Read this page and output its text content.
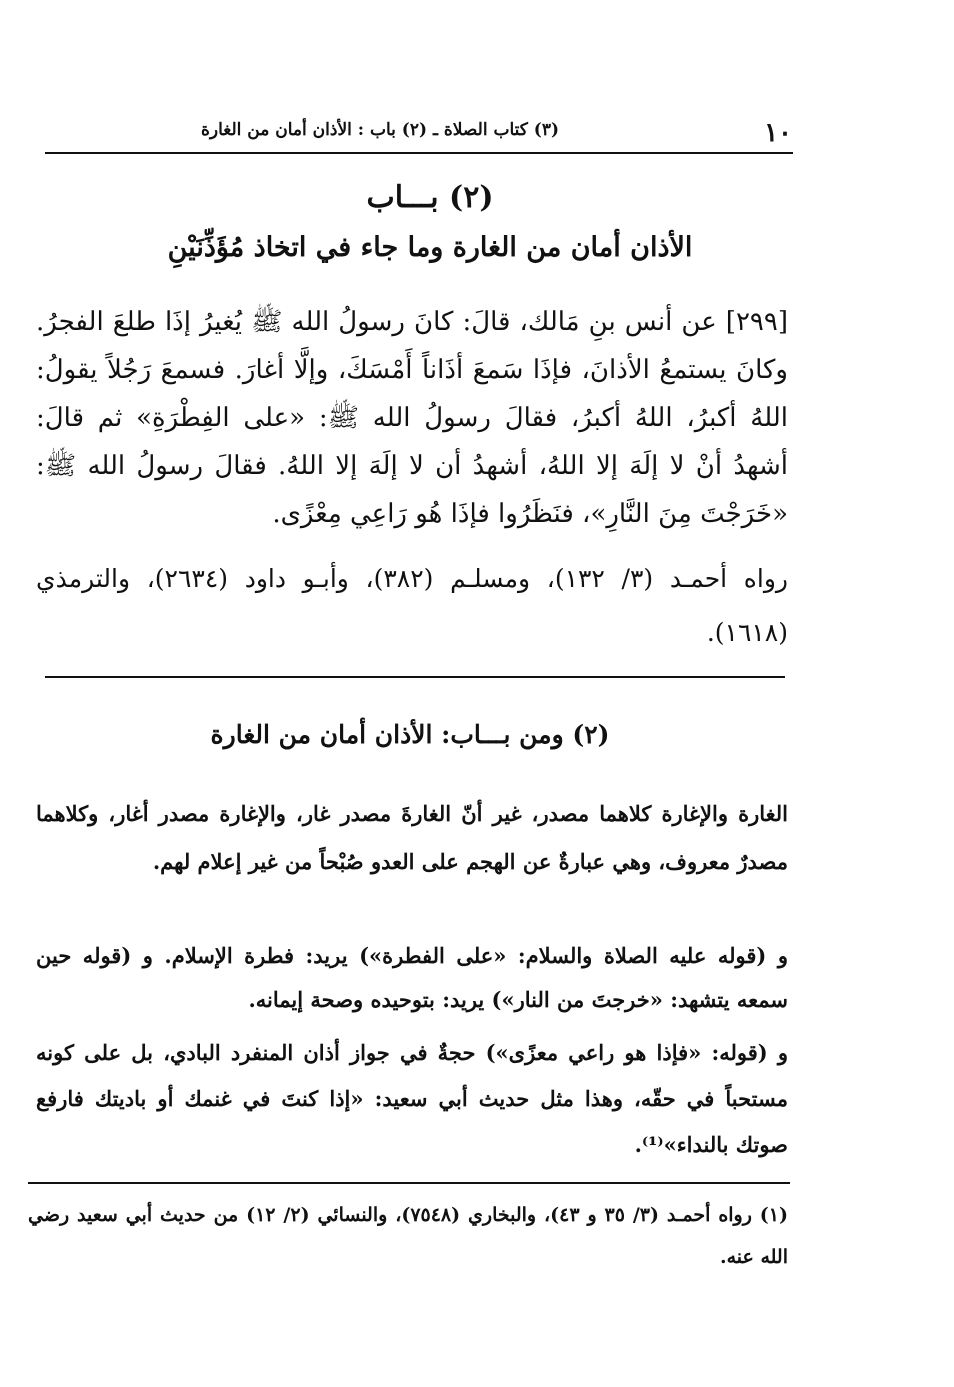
١٠
(٣) كتاب الصلاة ـ (٢) باب : الأذان أمان من الغارة
(٢) بـــاب
الأذان أمان من الغارة وما جاء في اتخاذ مُؤَذِّنَيْنِ
[٢٩٩] عن أنس بنِ مَالك، قالَ: كانَ رسولُ الله ﷺ يُغيرُ إذَا طلعَ الفجرُ. وكانَ يستمعُ الأذانَ، فإذَا سَمعَ أذَاناً أَمْسَكَ، وإلَّا أغارَ. فسمعَ رَجُلاً يقولُ: اللهُ أكبرُ، اللهُ أكبرُ، فقالَ رسولُ الله ﷺ: «على الفِطْرَةِ» ثم قالَ: أشهدُ أنْ لا إلَهَ إلا اللهُ، أشهدُ أن لا إلَهَ إلا اللهُ. فقالَ رسولُ الله ﷺ: «خَرَجْتَ مِنَ النَّارِ»، فنَظَرُوا فإذَا هُو رَاعِي مِعْزًى.
رواه أحمـد (٣/ ١٣٢)، ومسلـم (٣٨٢)، وأبـو داود (٢٦٣٤)، والترمذي (١٦١٨).
(٢) ومن بـــاب: الأذان أمان من الغارة
الغارة والإغارة كلاهما مصدر، غير أنّ الغارةَ مصدر غار، والإغارة مصدر أغار، وكلاهما مصدرٌ معروف، وهي عبارةٌ عن الهجم على العدو صُبْحاً من غير إعلام لهم.
و (قوله عليه الصلاة والسلام: «على الفطرة») يريد: فطرة الإسلام. و (قوله حين سمعه يتشهد: «خرجتَ من النار») يريد: بتوحيده وصحة إيمانه.
و (قوله: «فإذا هو راعي معزًى») حجةٌ في جواز أذان المنفرد البادي، بل على كونه مستحباً في حقّه، وهذا مثل حديث أبي سعيد: «إذا كنتَ في غنمك أو باديتك فارفع صوتك بالنداء»⁽¹⁾.
(١) رواه أحمـد (٣/ ٣٥ و ٤٣)، والبخاري (٧٥٤٨)، والنسائي (٢/ ١٢) من حديث أبي سعيد رضي الله عنه.
